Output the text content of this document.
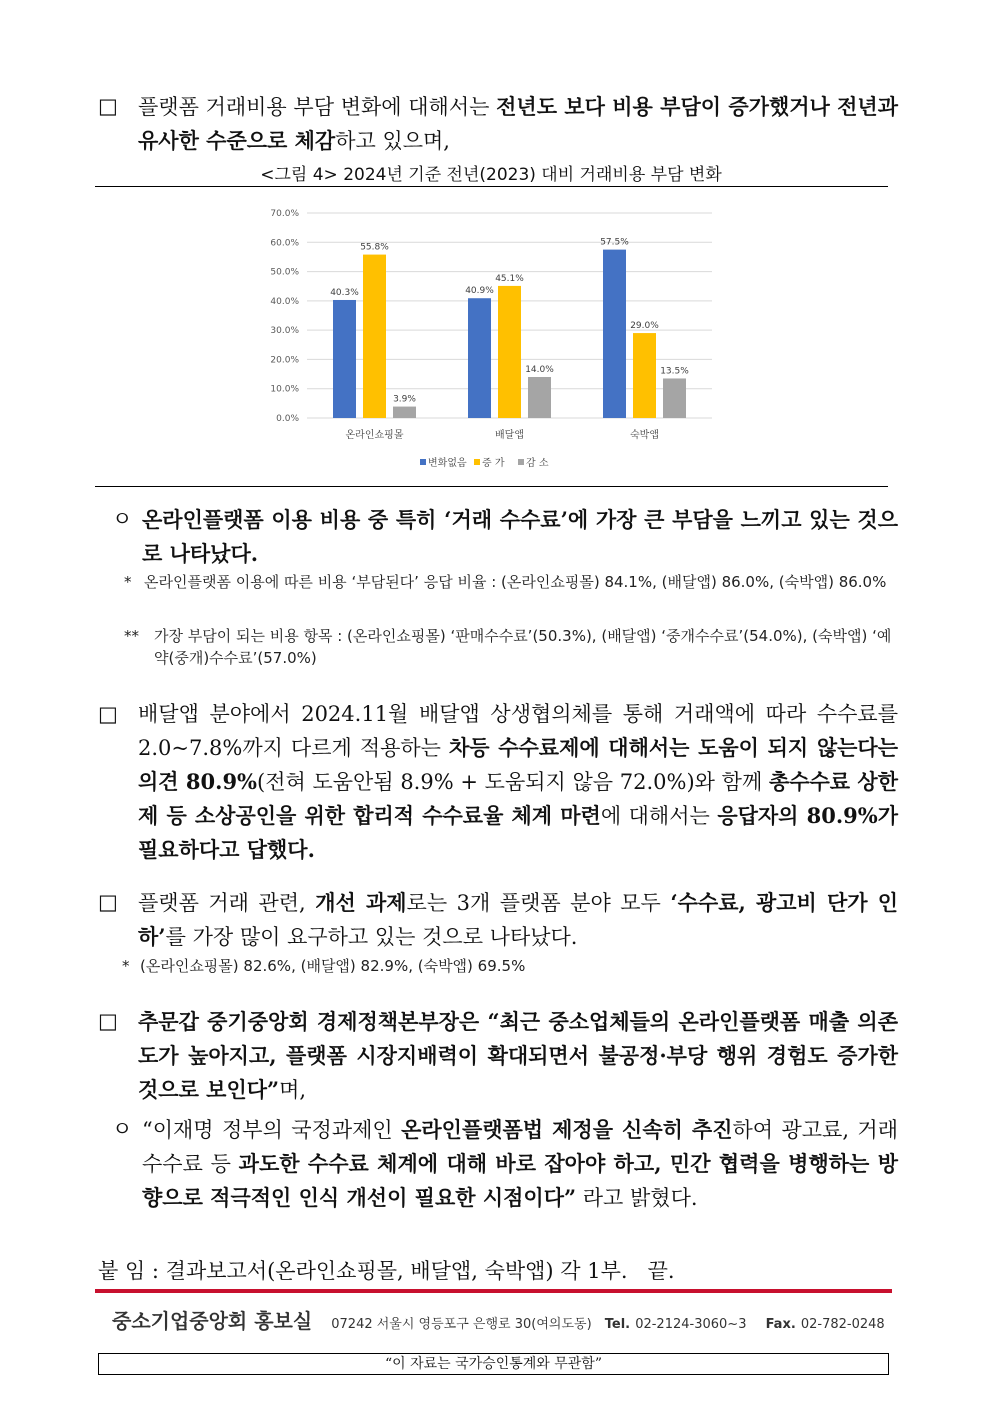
□ 플랫폼 거래비용 부담 변화에 대해서는 전년도 보다 비용 부담이 증가했거나 전년과 유사한 수준으로 체감하고 있으며,
<그림 4> 2024년 기준 전년(2023) 대비 거래비용 부담 변화
0.0%
10.0%
20.0%
30.0%
40.0%
50.0%
60.0%
70.0%
40.3%
55.8%
3.9%
온라인쇼핑몰
40.9%
45.1%
14.0%
배달앱
57.5%
29.0%
13.5%
숙박앱
변화없음 증 가 감 소
ㅇ 온라인플랫폼 이용 비용 중 특히 ‘거래 수수료’에 가장 큰 부담을 느끼고 있는 것으로 나타났다.
* 온라인플랫폼 이용에 따른 비용 ‘부담된다’ 응답 비율 : (온라인쇼핑몰) 84.1%, (배달앱) 86.0%, (숙박앱) 86.0%
** 가장 부담이 되는 비용 항목 : (온라인쇼핑몰) ‘판매수수료’(50.3%), (배달앱) ‘중개수수료’(54.0%), (숙박앱) ‘예약(중개)수수료’(57.0%)
□ 배달앱 분야에서 2024.11월 배달앱 상생협의체를 통해 거래액에 따라 수수료를 2.0~7.8%까지 다르게 적용하는 차등 수수료제에 대해서는 도움이 되지 않는다는 의견 80.9%(전혀 도움안됨 8.9% + 도움되지 않음 72.0%)와 함께 총수수료 상한제 등 소상공인을 위한 합리적 수수료율 체계 마련에 대해서는 응답자의 80.9%가 필요하다고 답했다.
□ 플랫폼 거래 관련, 개선 과제로는 3개 플랫폼 분야 모두 ‘수수료, 광고비 단가 인하’를 가장 많이 요구하고 있는 것으로 나타났다.
* (온라인쇼핑몰) 82.6%, (배달앱) 82.9%, (숙박앱) 69.5%
□ 추문갑 중기중앙회 경제정책본부장은 “최근 중소업체들의 온라인플랫폼 매출 의존도가 높아지고, 플랫폼 시장지배력이 확대되면서 불공정·부당 행위 경험도 증가한 것으로 보인다”며,
ㅇ “이재명 정부의 국정과제인 온라인플랫폼법 제정을 신속히 추진하여 광고료, 거래 수수료 등 과도한 수수료 체계에 대해 바로 잡아야 하고, 민간 협력을 병행하는 방향으로 적극적인 인식 개선이 필요한 시점이다” 라고 밝혔다.
붙 임 : 결과보고서(온라인쇼핑몰, 배달앱, 숙박앱) 각 1부.   끝.
중소기업중앙회 홍보실 07242 서울시 영등포구 은행로 30(여의도동) Tel. 02-2124-3060~3 Fax. 02-782-0248
“이 자료는 국가승인통계와 무관함”
